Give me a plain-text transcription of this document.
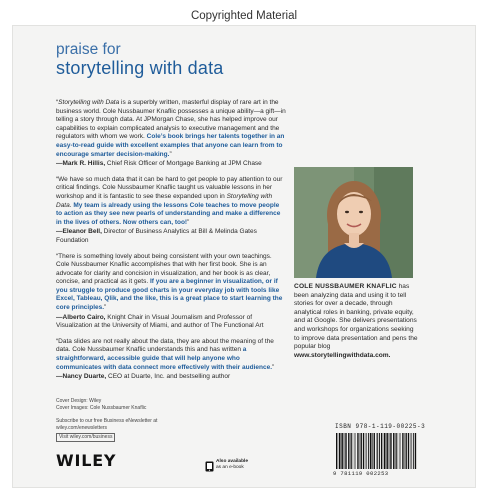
Copyrighted Material
praise for
storytelling with data
“Storytelling with Data is a superbly written, masterful display of rare art in the business world. Cole Nussbaumer Knaflic possesses a unique ability—a gift—in telling a story through data. At JPMorgan Chase, she has helped improve our capabilities to explain complicated analysis to executive management and the regulators with whom we work. Cole’s book brings her talents together in an easy-to-read guide with excellent examples that anyone can learn from to encourage smarter decision-making.”
—Mark R. Hillis, Chief Risk Officer of Mortgage Banking at JPM Chase
“We have so much data that it can be hard to get people to pay attention to our critical findings. Cole Nussbaumer Knaflic taught us valuable lessons in her workshop and it is fantastic to see these expanded upon in Storytelling with Data. My team is already using the lessons Cole teaches to move people to action as they see new pearls of understanding and make a difference in the lives of others. Now others can, too!”
—Eleanor Bell, Director of Business Analytics at Bill & Melinda Gates Foundation
“There is something lovely about being consistent with your own teachings. Cole Nussbaumer Knaflic accomplishes that with her first book. She is an advocate for clarity and concision in visualization, and her book is as clear, concise, and practical as it gets. If you are a beginner in visualization, or if you struggle to produce good charts in your everyday job with tools like Excel, Tableau, Qlik, and the like, this is a great place to start learning the core principles.”
—Alberto Cairo, Knight Chair in Visual Journalism and Professor of Visualization at the University of Miami, and author of The Functional Art
“Data slides are not really about the data, they are about the meaning of the data. Cole Nussbaumer Knaflic understands this and has written a straightforward, accessible guide that will help anyone who communicates with data connect more effectively with their audience.”
—Nancy Duarte, CEO at Duarte, Inc. and bestselling author
COLE NUSSBAUMER KNAFLIC has been analyzing data and using it to tell stories for over a decade, through analytical roles in banking, private equity, and at Google. She delivers presentations and workshops for organizations seeking to improve data presentation and pens the popular blog www.storytellingwithdata.com.
Cover Design: Wiley
Cover Images: Cole Nussbaumer Knaflic
Subscribe to our free Business eNewsletter at
wiley.com/enewsletters
Visit wiley.com/business
WILEY	Also available
as an e-book
ISBN 978-1-119-00225-3
9 781119 002253
